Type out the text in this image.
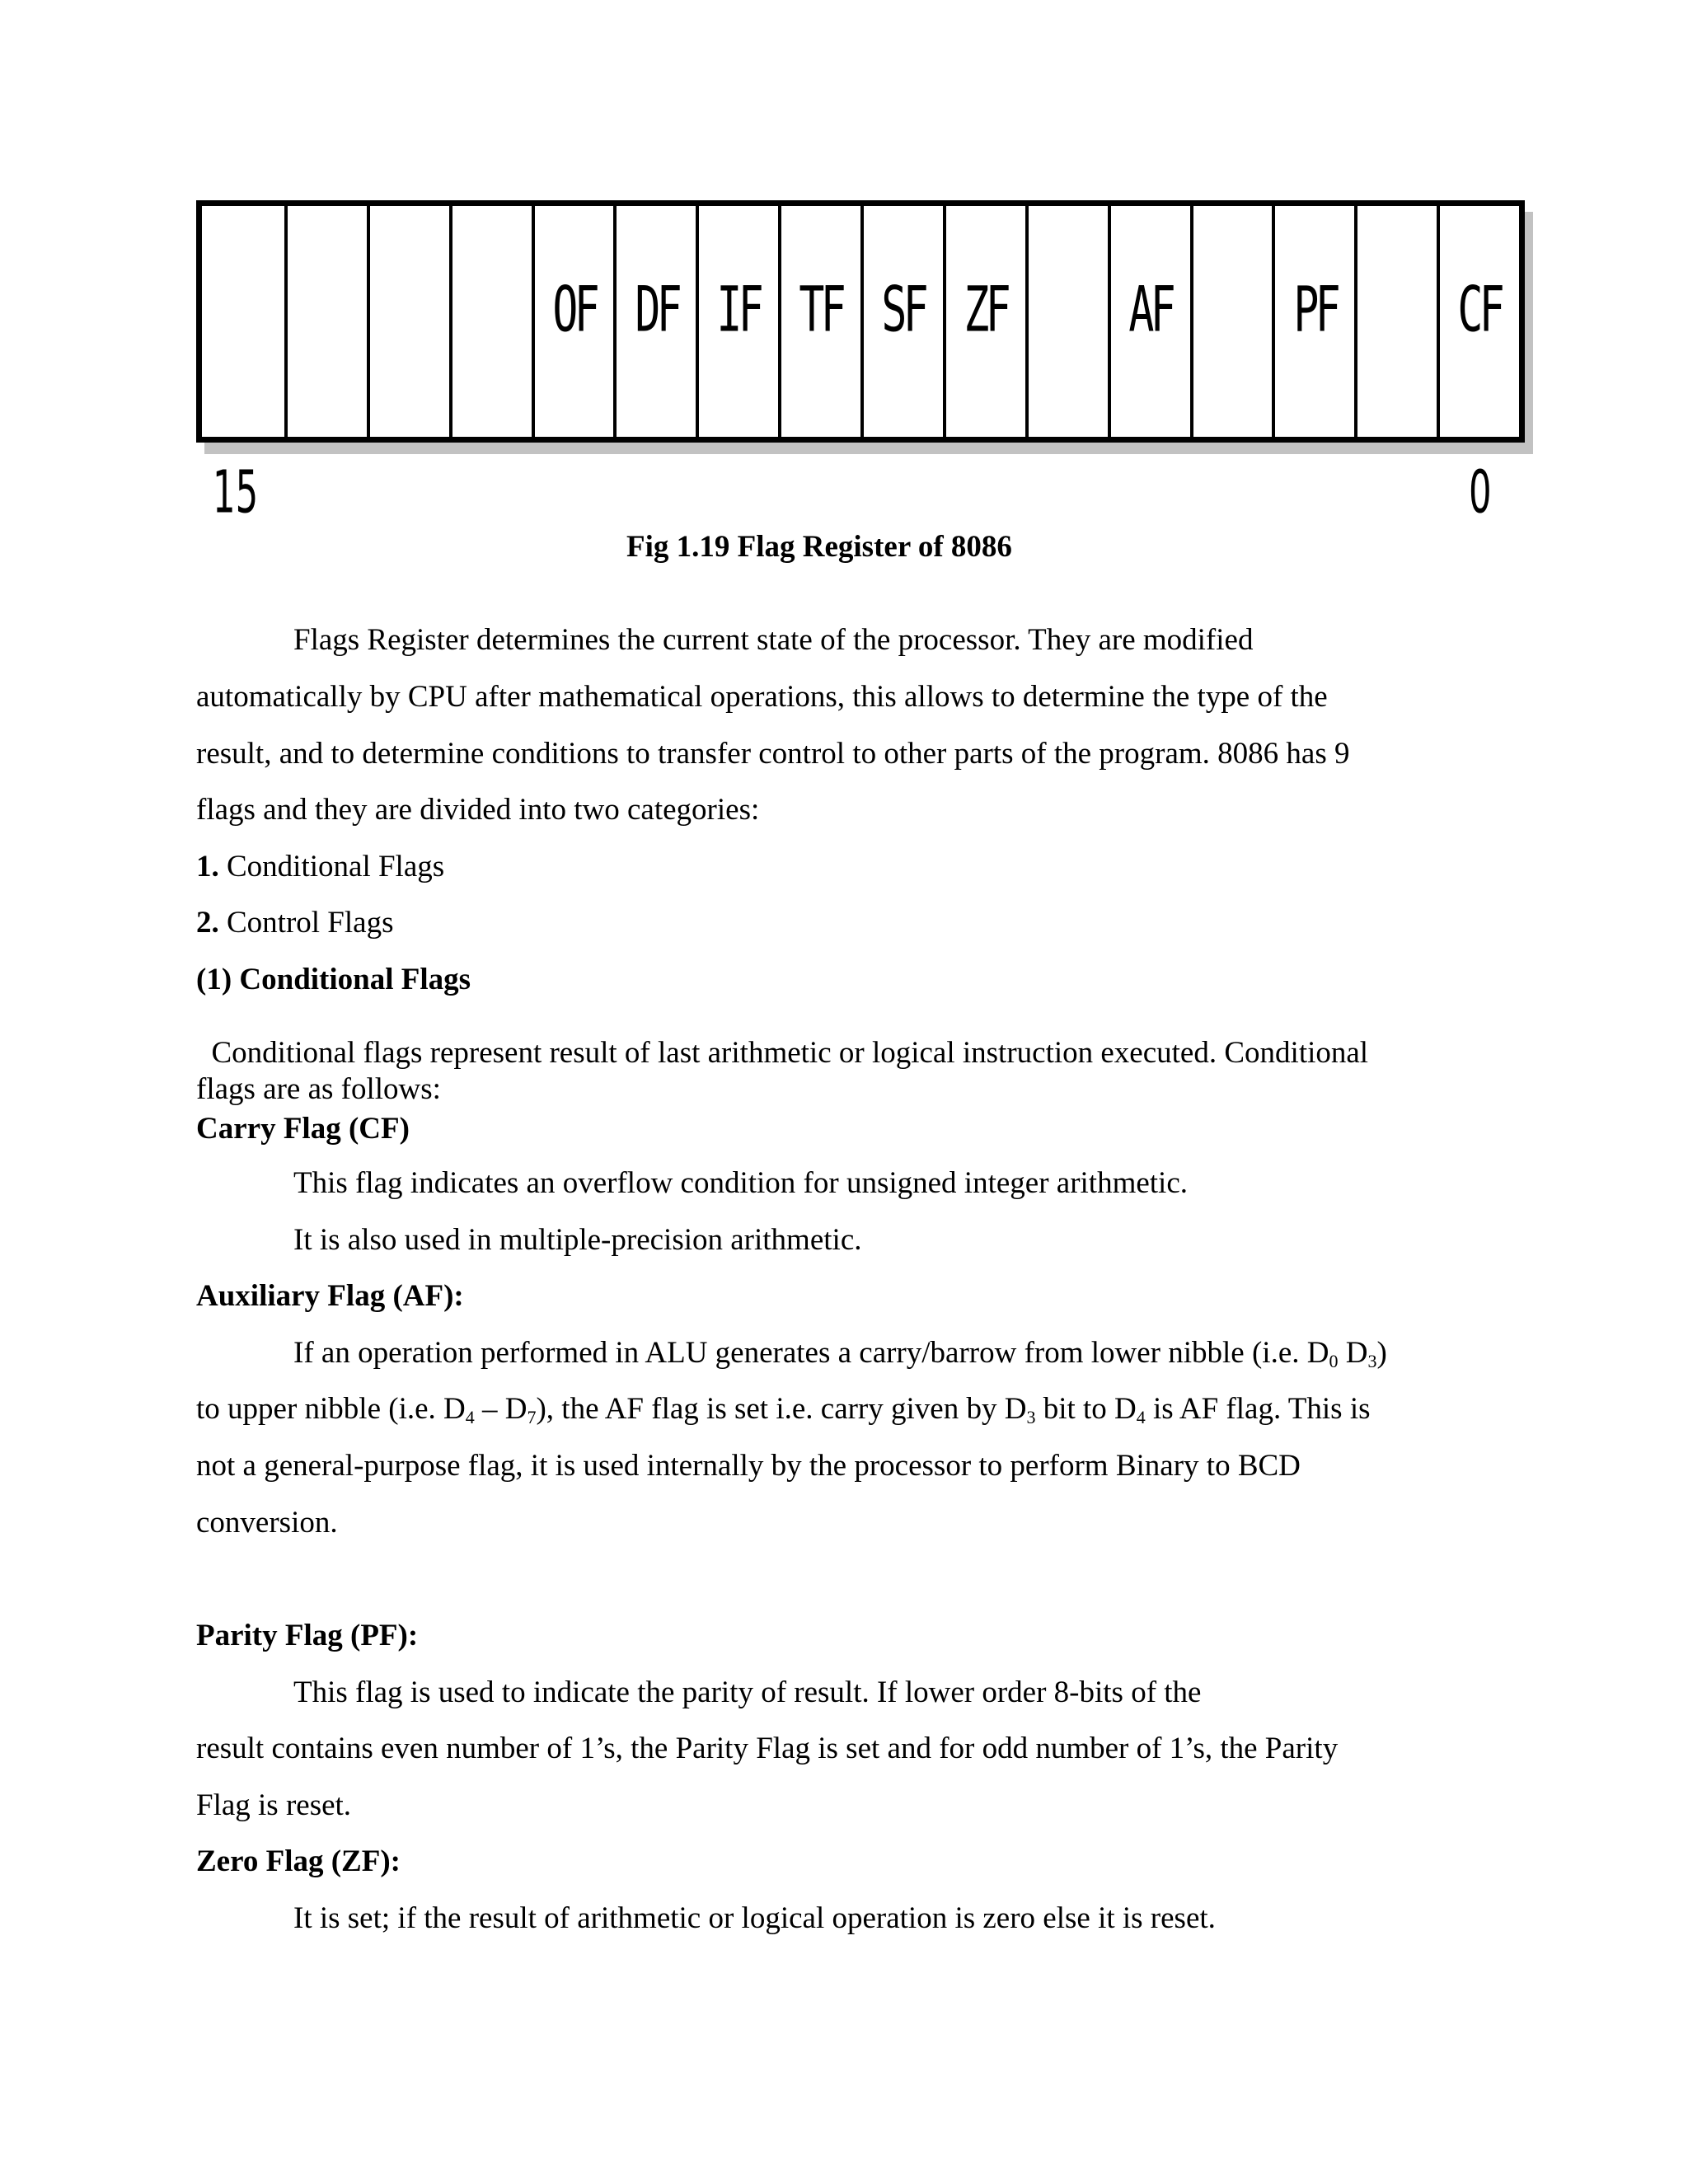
OF DF IF TF SF ZF AF PF CF
15	0
Fig 1.19 Flag Register of 8086
Flags Register determines the current state of the processor. They are modified
automatically by CPU after mathematical operations, this allows to determine the type of the
result, and to determine conditions to transfer control to other parts of the program. 8086 has 9
flags and they are divided into two categories:
1. Conditional Flags
2. Control Flags
(1) Conditional Flags
Conditional flags represent result of last arithmetic or logical instruction executed. Conditional
flags are as follows:
Carry Flag (CF)
This flag indicates an overflow condition for unsigned integer arithmetic.
It is also used in multiple-precision arithmetic.
Auxiliary Flag (AF):
If an operation performed in ALU generates a carry/barrow from lower nibble (i.e. $D_0$ $D_3$)
to upper nibble (i.e. $D_4 - D_7$), the AF flag is set i.e. carry given by $D_3$ bit to $D_4$ is AF flag. This is
not a general-purpose flag, it is used internally by the processor to perform Binary to BCD
conversion.
Parity Flag (PF):
This flag is used to indicate the parity of result. If lower order 8-bits of the
result contains even number of 1’s, the Parity Flag is set and for odd number of 1’s, the Parity
Flag is reset.
Zero Flag (ZF):
It is set; if the result of arithmetic or logical operation is zero else it is reset.
